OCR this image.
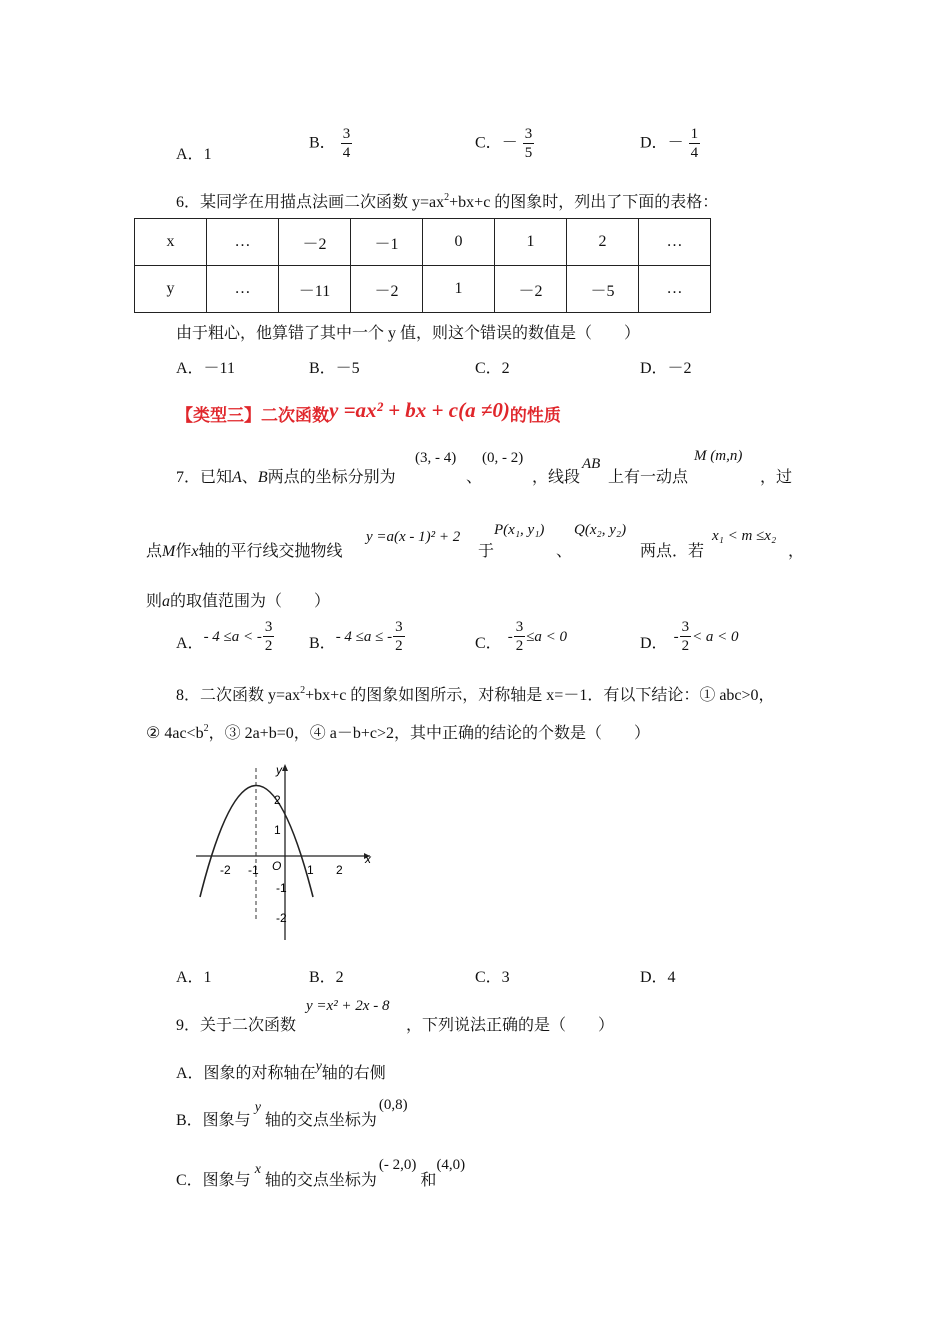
A．1
B． $\frac{3}{4}$	C．－ $\frac{3}{5}$	D．－ $\frac{1}{4}$
6．某同学在用描点法画二次函数 $y=ax^2+bx+c$ 的图象时，列出了下面的表格：
x	…	－2	－1	0	1	2	…
y	…	－11	－2	1	－2	－5	…
由于粗心，他算错了其中一个 y 值，则这个错误的数值是（　　）
A．－11	B．－5	C．2	D．－2
【类型三】二次函数y =ax² + bx + c(a ≠0)的性质
7．已知A、B两点的坐标分别为
(3, - 4)
、
(0, - 2)
，线段
AB
上有一动点
M (m,n)
，过
点M作x轴的平行线交抛物线
y =a(x - 1)² + 2
于
P(x₁, y₁)
、
Q(x₂, y₂)
两点．若
x₁ < m ≤x₂
，
则a的取值范围为（　　）
A． - 4 ≤a < - $\frac{3}{2}$ B． - 4 ≤a ≤ - $\frac{3}{2}$	C． - $\frac{3}{2} \le a < 0$	D． - $\frac{3}{2} < a < 0$
8．二次函数 $y=ax^2+bx+c$ 的图象如图所示，对称轴是 x=－1．有以下结论：① abc>0，
② $4ac<b^2$，③ 2a+b=0，④ a－b+c>2，其中正确的结论的个数是（　　）
-2 -1	1 2
2
1
-1
-2
x
y
O
A．1	B．2	C．3	D．4
9．关于二次函数
y =x² + 2x - 8
，下列说法正确的是（　　）
A．图象的对称轴在y轴的右侧
B．图象与y轴的交点坐标为(0,8)
C．图象与x轴的交点坐标为(- 2,0)和(4,0)
